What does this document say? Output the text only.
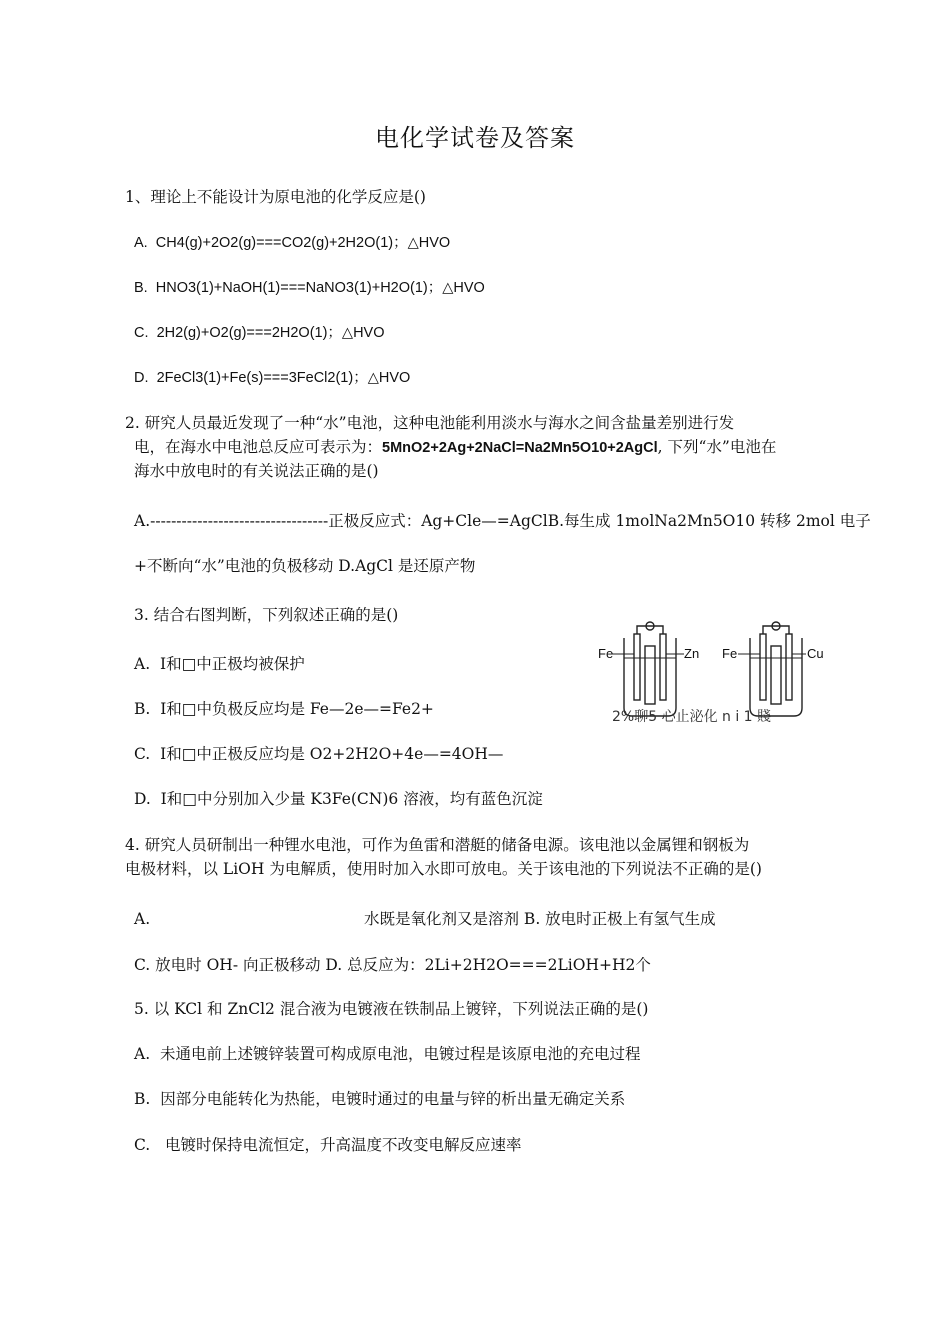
电化学试卷及答案
1、理论上不能设计为原电池的化学反应是()
A. CH4(g)+2O2(g)===CO2(g)+2H2O(1)；△HVO
B. HNO3(1)+NaOH(1)===NaNO3(1)+H2O(1)；△HVO
C. 2H2(g)+O2(g)===2H2O(1)；△HVO
D. 2FeCl3(1)+Fe(s)===3FeCl2(1)；△HVO
2. 研究人员最近发现了一种“水”电池，这种电池能利用淡水与海水之间含盐量差别进行发
电，在海水中电池总反应可表示为：5MnO2+2Ag+2NaCl=Na2Mn5O10+2AgCl, 下列“水”电池在
海水中放电时的有关说法正确的是()
A.----------------------------------正极反应式：Ag+Cle—=AgClB.每生成 1molNa2Mn5O10 转移 2mol 电子
+不断向“水”电池的负极移动 D.AgCl 是还原产物
3. 结合右图判断，下列叙述正确的是()
A. Ⅰ和□中正极均被保护
B. Ⅰ和□中负极反应均是 Fe—2e—=Fe2+
C. Ⅰ和□中正极反应均是 O2+2H2O+4e—=4OH—
D. Ⅰ和□中分别加入少量 K3Fe(CN)6 溶液，均有蓝色沉淀
Fe	Zn Fe	Cu
2%聊5 心止泌化 n i 1 賤
4. 研究人员研制出一种锂水电池，可作为鱼雷和潜艇的储备电源。该电池以金属锂和钢板为
电极材料，以 LiOH 为电解质，使用时加入水即可放电。关于该电池的下列说法不正确的是()
A.	水既是氧化剂又是溶剂 B. 放电时正极上有氢气生成
C. 放电时 OH- 向正极移动 D. 总反应为：2Li+2H2O===2LiOH+H2个
5. 以 KCl 和 ZnCl2 混合液为电镀液在铁制品上镀锌，下列说法正确的是()
A. 未通电前上述镀锌装置可构成原电池，电镀过程是该原电池的充电过程
B. 因部分电能转化为热能，电镀时通过的电量与锌的析出量无确定关系
C. 电镀时保持电流恒定，升高温度不改变电解反应速率
